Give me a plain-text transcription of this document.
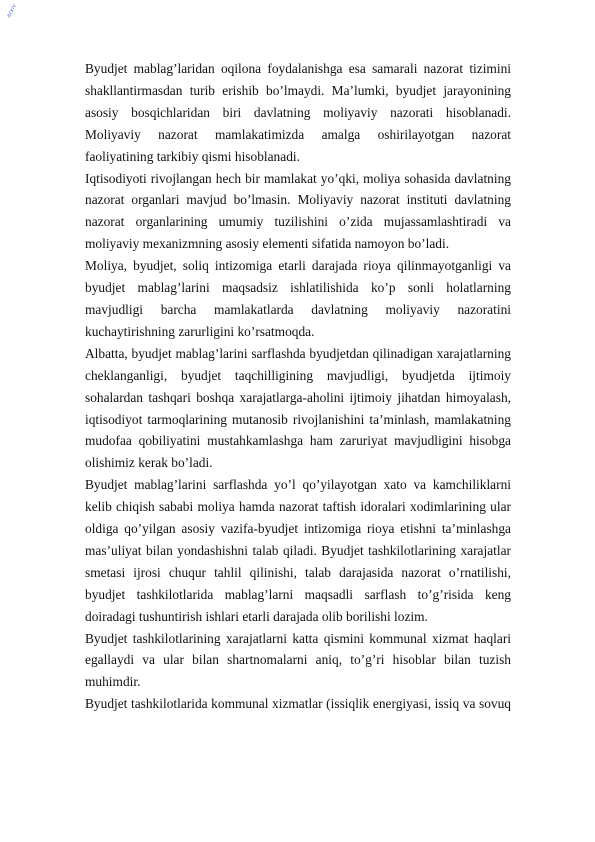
arxiv

Byudjet mablag’laridan oqilona foydalanishga esa samarali nazorat tizimini shakllantirmasdan turib erishib bo’lmaydi. Ma’lumki, byudjet jarayonining asosiy bosqichlaridan biri davlatning moliyaviy nazorati hisoblanadi. Moliyaviy nazorat mamlakatimizda amalga oshirilayotgan nazorat faoliyatining tarkibiy qismi hisoblanadi.

Iqtisodiyoti rivojlangan hech bir mamlakat yo’qki, moliya sohasida davlatning nazorat organlari mavjud bo’lmasin. Moliyaviy nazorat instituti davlatning nazorat organlarining umumiy tuzilishini o’zida mujassamlashtiradi va moliyaviy mexanizmning asosiy elementi sifatida namoyon bo’ladi.

Moliya, byudjet, soliq intizomiga etarli darajada rioya qilinmayotganligi va byudjet mablag’larini maqsadsiz ishlatilishida ko’p sonli holatlarning mavjudligi barcha mamlakatlarda davlatning moliyaviy nazoratini kuchaytirishning zarurligini ko’rsatmoqda.

Albatta, byudjet mablag’larini sarflashda byudjetdan qilinadigan xarajatlarning cheklanganligi, byudjet taqchilligining mavjudligi, byudjetda ijtimoiy sohalardan tashqari boshqa xarajatlarga-aholini ijtimoiy jihatdan himoyalash, iqtisodiyot tarmoqlarining mutanosib rivojlanishini ta’minlash, mamlakatning mudofaa qobiliyatini mustahkamlashga ham zaruriyat mavjudligini hisobga olishimiz kerak bo’ladi.

Byudjet mablag’larini sarflashda yo’l qo’yilayotgan xato va kamchiliklarni kelib chiqish sababi moliya hamda nazorat taftish idoralari xodimlarining ular oldiga qo’yilgan asosiy vazifa-byudjet intizomiga rioya etishni ta’minlashga mas’uliyat bilan yondashishni talab qiladi. Byudjet tashkilotlarining xarajatlar smetasi ijrosi chuqur tahlil qilinishi, talab darajasida nazorat o’rnatilishi, byudjet tashkilotlarida mablag’larni maqsadli sarflash to’g’risida keng doiradagi tushuntirish ishlari etarli darajada olib borilishi lozim.

Byudjet tashkilotlarining xarajatlarni katta qismini kommunal xizmat haqlari egallaydi va ular bilan shartnomalarni aniq, to’g’ri hisoblar bilan tuzish muhimdir.

Byudjet tashkilotlarida kommunal xizmatlar (issiqlik energiyasi, issiq va sovuq
